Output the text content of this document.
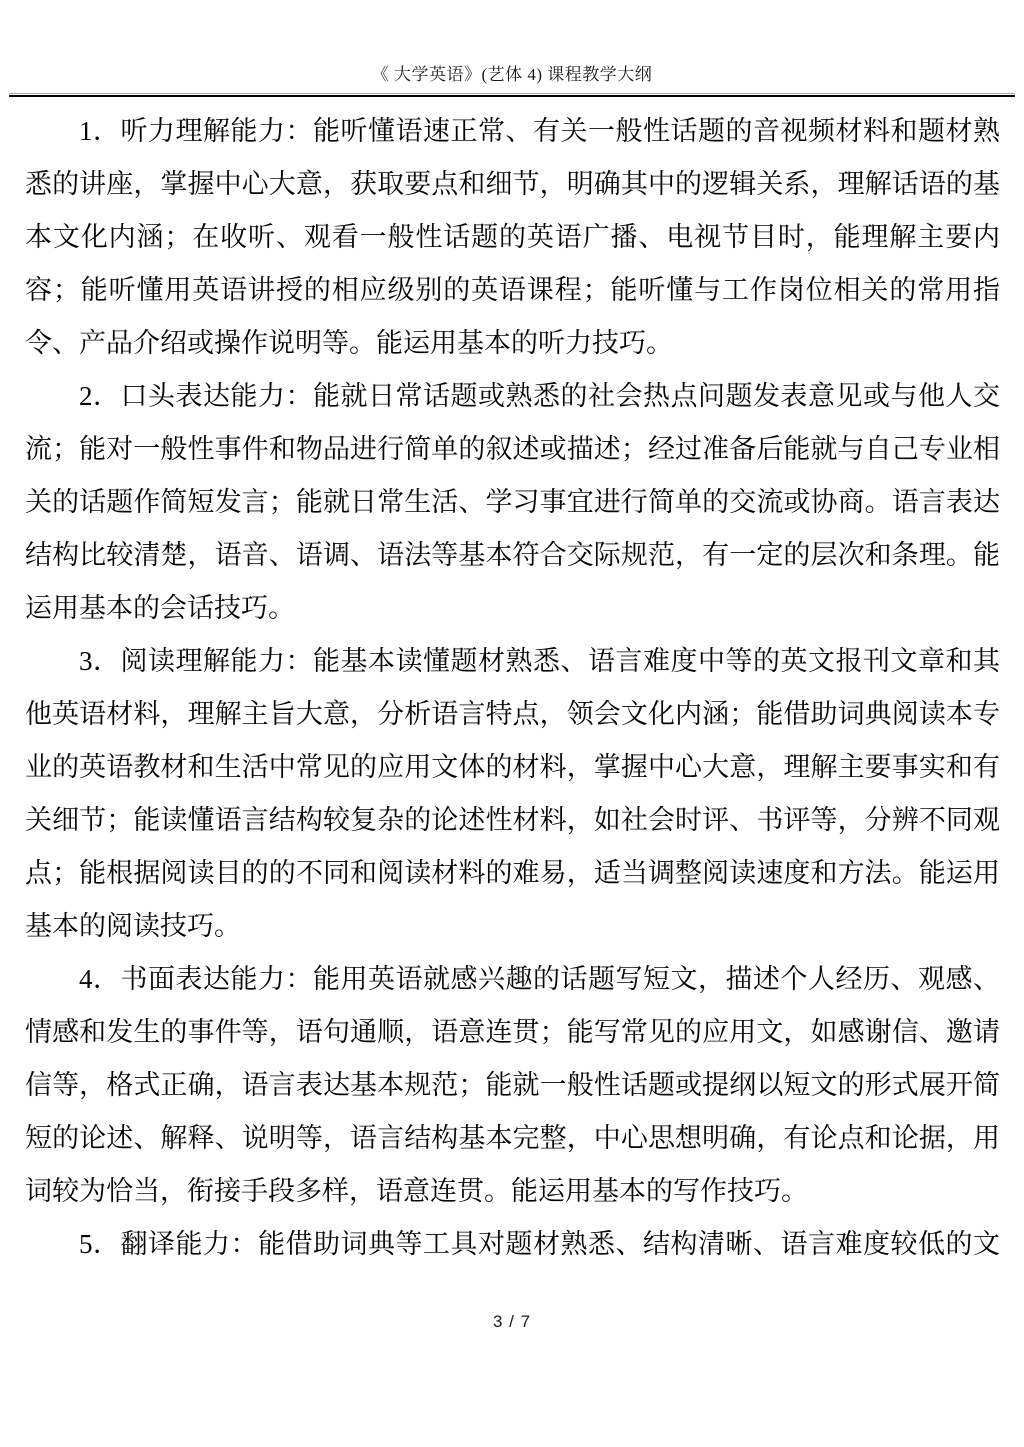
《 大学英语》(艺体 4) 课程教学大纲

1．听力理解能力：能听懂语速正常、有关一般性话题的音视频材料和题材熟悉的讲座，掌握中心大意，获取要点和细节，明确其中的逻辑关系，理解话语的基本文化内涵；在收听、观看一般性话题的英语广播、电视节目时，能理解主要内容；能听懂用英语讲授的相应级别的英语课程；能听懂与工作岗位相关的常用指令、产品介绍或操作说明等。能运用基本的听力技巧。

2．口头表达能力：能就日常话题或熟悉的社会热点问题发表意见或与他人交流；能对一般性事件和物品进行简单的叙述或描述；经过准备后能就与自己专业相关的话题作简短发言；能就日常生活、学习事宜进行简单的交流或协商。语言表达结构比较清楚，语音、语调、语法等基本符合交际规范，有一定的层次和条理。能运用基本的会话技巧。

3．阅读理解能力：能基本读懂题材熟悉、语言难度中等的英文报刊文章和其他英语材料，理解主旨大意，分析语言特点，领会文化内涵；能借助词典阅读本专业的英语教材和生活中常见的应用文体的材料，掌握中心大意，理解主要事实和有关细节；能读懂语言结构较复杂的论述性材料，如社会时评、书评等，分辨不同观点；能根据阅读目的的不同和阅读材料的难易，适当调整阅读速度和方法。能运用基本的阅读技巧。

4．书面表达能力：能用英语就感兴趣的话题写短文，描述个人经历、观感、情感和发生的事件等，语句通顺，语意连贯；能写常见的应用文，如感谢信、邀请信等，格式正确，语言表达基本规范；能就一般性话题或提纲以短文的形式展开简短的论述、解释、说明等，语言结构基本完整，中心思想明确，有论点和论据，用词较为恰当，衔接手段多样，语意连贯。能运用基本的写作技巧。

5．翻译能力：能借助词典等工具对题材熟悉、结构清晰、语言难度较低的文

3 / 7
